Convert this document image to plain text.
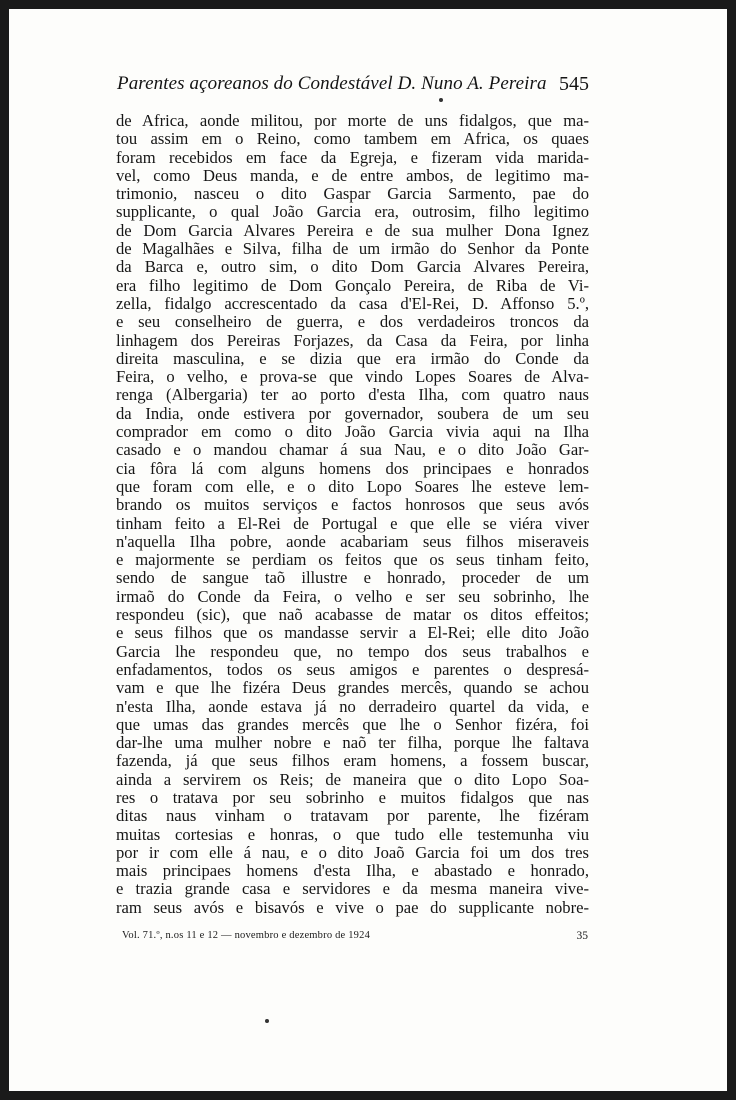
Parentes açoreanos do Condestável D. Nuno A. Pereira 545
de Africa, aonde militou, por morte de uns fidalgos, que ma-
tou assim em o Reino, como tambem em Africa, os quaes
foram recebidos em face da Egreja, e fizeram vida marida-
vel, como Deus manda, e de entre ambos, de legitimo ma-
trimonio, nasceu o dito Gaspar Garcia Sarmento, pae do
supplicante, o qual João Garcia era, outrosim, filho legitimo
de Dom Garcia Alvares Pereira e de sua mulher Dona Ignez
de Magalhães e Silva, filha de um irmão do Senhor da Ponte
da Barca e, outro sim, o dito Dom Garcia Alvares Pereira,
era filho legitimo de Dom Gonçalo Pereira, de Riba de Vi-
zella, fidalgo accrescentado da casa d'El-Rei, D. Affonso 5.º,
e seu conselheiro de guerra, e dos verdadeiros troncos da
linhagem dos Pereiras Forjazes, da Casa da Feira, por linha
direita masculina, e se dizia que era irmão do Conde da
Feira, o velho, e prova-se que vindo Lopes Soares de Alva-
renga (Albergaria) ter ao porto d'esta Ilha, com quatro naus
da India, onde estivera por governador, soubera de um seu
comprador em como o dito João Garcia vivia aqui na Ilha
casado e o mandou chamar á sua Nau, e o dito João Gar-
cia fôra lá com alguns homens dos principaes e honrados
que foram com elle, e o dito Lopo Soares lhe esteve lem-
brando os muitos serviços e factos honrosos que seus avós
tinham feito a El-Rei de Portugal e que elle se viéra viver
n'aquella Ilha pobre, aonde acabariam seus filhos miseraveis
e majormente se perdiam os feitos que os seus tinham feito,
sendo de sangue taõ illustre e honrado, proceder de um
irmaõ do Conde da Feira, o velho e ser seu sobrinho, lhe
respondeu (sic), que naõ acabasse de matar os ditos effeitos;
e seus filhos que os mandasse servir a El-Rei; elle dito João
Garcia lhe respondeu que, no tempo dos seus trabalhos e
enfadamentos, todos os seus amigos e parentes o despresá-
vam e que lhe fizéra Deus grandes mercês, quando se achou
n'esta Ilha, aonde estava já no derradeiro quartel da vida, e
que umas das grandes mercês que lhe o Senhor fizéra, foi
dar-lhe uma mulher nobre e naõ ter filha, porque lhe faltava
fazenda, já que seus filhos eram homens, a fossem buscar,
ainda a servirem os Reis; de maneira que o dito Lopo Soa-
res o tratava por seu sobrinho e muitos fidalgos que nas
ditas naus vinham o tratavam por parente, lhe fizéram
muitas cortesias e honras, o que tudo elle testemunha viu
por ir com elle á nau, e o dito Joaõ Garcia foi um dos tres
mais principaes homens d'esta Ilha, e abastado e honrado,
e trazia grande casa e servidores e da mesma maneira vive-
ram seus avós e bisavós e vive o pae do supplicante nobre-
Vol. 71.º, n.os 11 e 12 — novembro e dezembro de 1924	35
